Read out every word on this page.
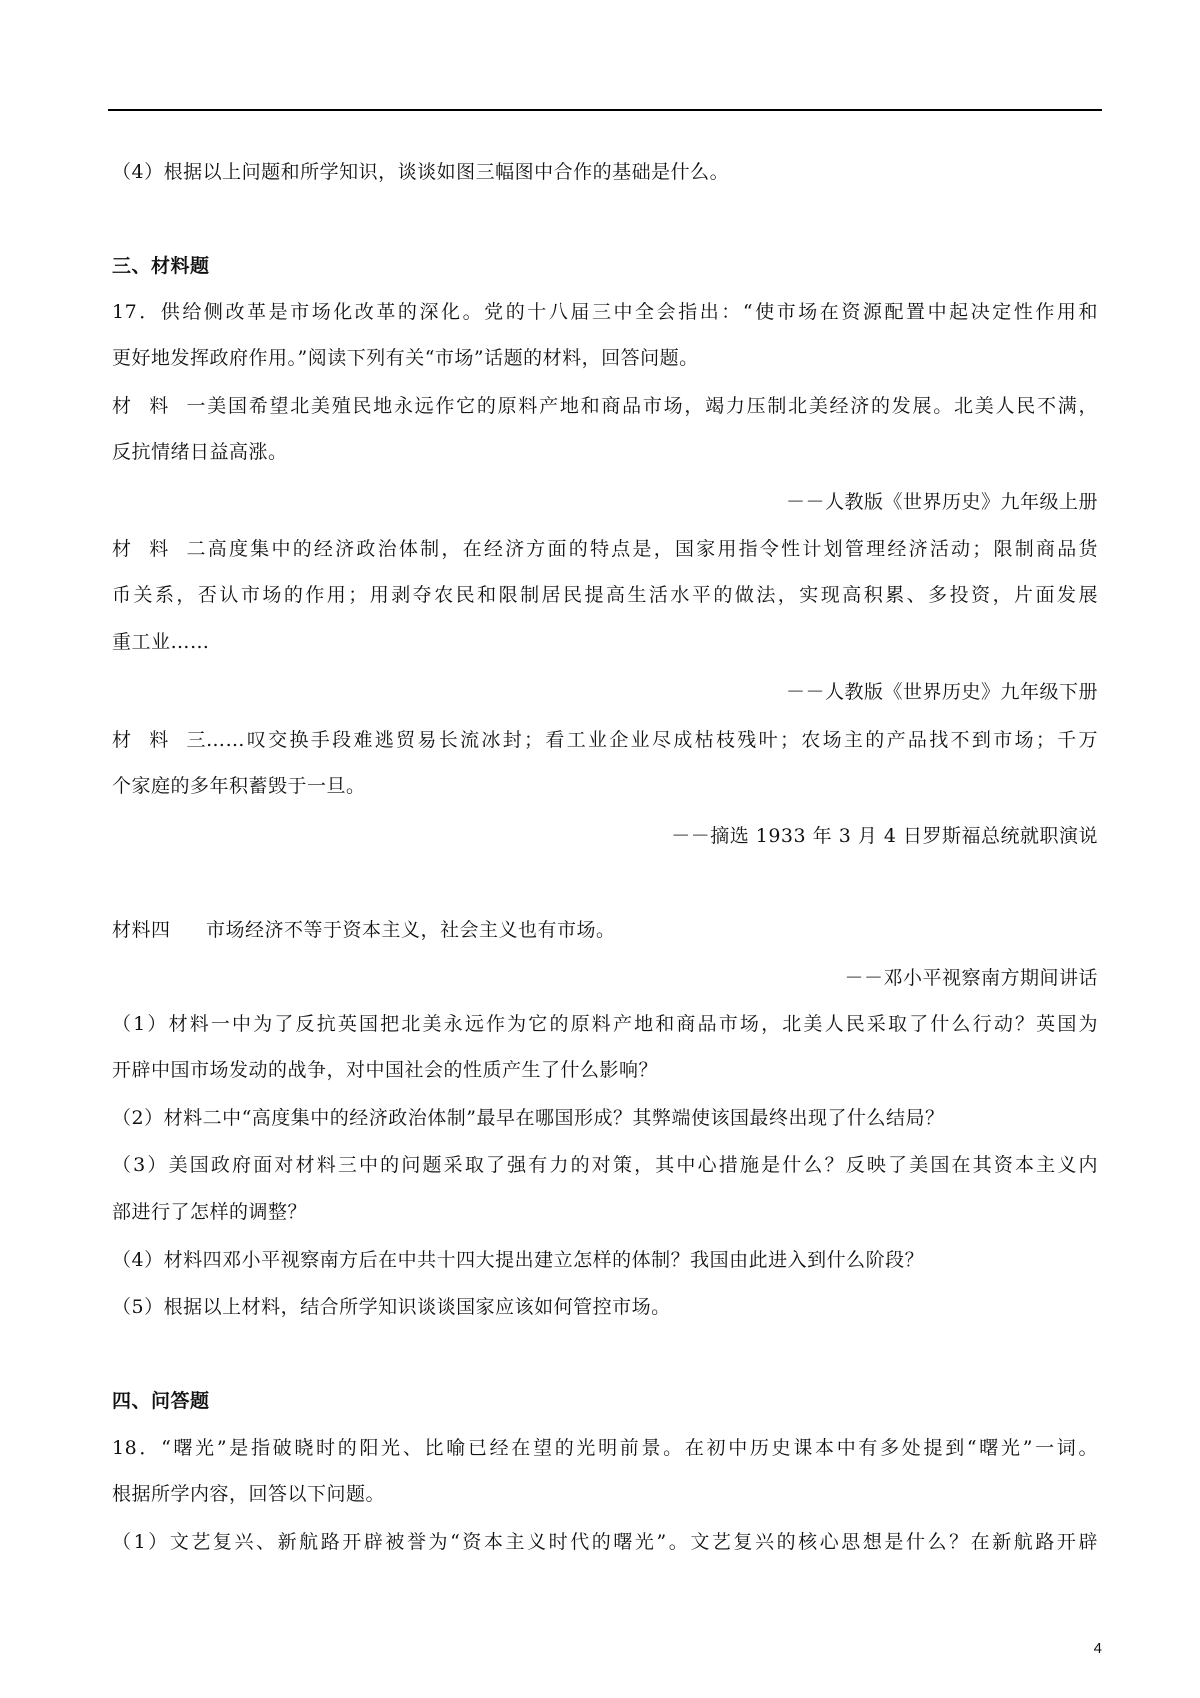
（4）根据以上问题和所学知识，谈谈如图三幅图中合作的基础是什么。
三、材料题
17．供给侧改革是市场化改革的深化。党的十八届三中全会指出：“使市场在资源配置中起决定性作用和
更好地发挥政府作用。”阅读下列有关“市场”话题的材料，回答问题。
材料一美国希望北美殖民地永远作它的原料产地和商品市场，竭力压制北美经济的发展。北美人民不满，
反抗情绪日益高涨。
－－人教版《世界历史》九年级上册
材料二高度集中的经济政治体制，在经济方面的特点是，国家用指令性计划管理经济活动；限制商品货
币关系，否认市场的作用；用剥夺农民和限制居民提高生活水平的做法，实现高积累、多投资，片面发展
重工业……
－－人教版《世界历史》九年级下册
材料三……叹交换手段难逃贸易长流冰封；看工业企业尽成枯枝残叶；农场主的产品找不到市场；千万
个家庭的多年积蓄毁于一旦。
－－摘选 1933 年 3 月 4 日罗斯福总统就职演说
材料四 市场经济不等于资本主义，社会主义也有市场。
－－邓小平视察南方期间讲话
（1）材料一中为了反抗英国把北美永远作为它的原料产地和商品市场，北美人民采取了什么行动？英国为
开辟中国市场发动的战争，对中国社会的性质产生了什么影响？
（2）材料二中“高度集中的经济政治体制”最早在哪国形成？其弊端使该国最终出现了什么结局？
（3）美国政府面对材料三中的问题采取了强有力的对策，其中心措施是什么？反映了美国在其资本主义内
部进行了怎样的调整？
（4）材料四邓小平视察南方后在中共十四大提出建立怎样的体制？我国由此进入到什么阶段？
（5）根据以上材料，结合所学知识谈谈国家应该如何管控市场。
四、问答题
18．“曙光”是指破晓时的阳光、比喻已经在望的光明前景。在初中历史课本中有多处提到“曙光”一词。
根据所学内容，回答以下问题。
（1）文艺复兴、新航路开辟被誉为“资本主义时代的曙光”。文艺复兴的核心思想是什么？在新航路开辟
4
